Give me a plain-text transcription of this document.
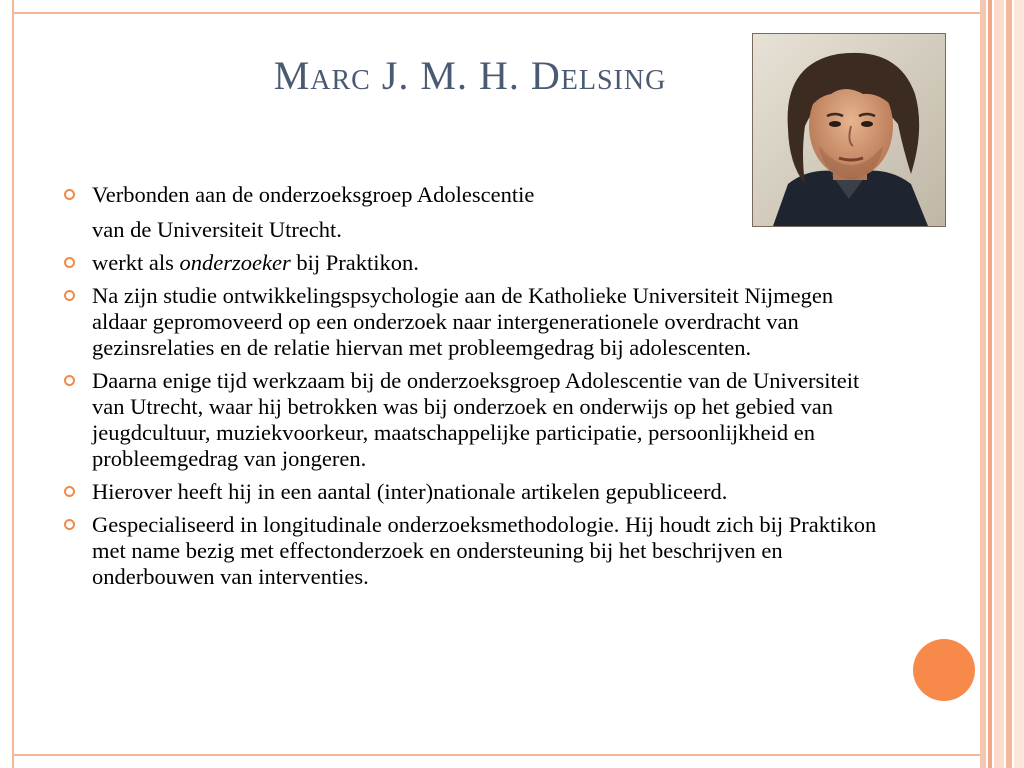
Marc J. M. H. Delsing
Verbonden aan de onderzoeksgroep Adolescentie
van de Universiteit Utrecht.
werkt als onderzoeker bij Praktikon.
Na zijn studie ontwikkelingspsychologie aan de Katholieke Universiteit Nijmegen aldaar gepromoveerd op een onderzoek naar intergenerationele overdracht van gezinsrelaties en de relatie hiervan met probleemgedrag bij adolescenten.
Daarna enige tijd werkzaam bij de onderzoeksgroep Adolescentie van de Universiteit van Utrecht, waar hij betrokken was bij onderzoek en onderwijs op het gebied van jeugdcultuur, muziekvoorkeur, maatschappelijke participatie, persoonlijkheid en probleemgedrag van jongeren.
Hierover heeft hij in een aantal (inter)nationale artikelen gepubliceerd.
Gespecialiseerd in longitudinale onderzoeksmethodologie. Hij houdt zich bij Praktikon met name bezig met effectonderzoek en ondersteuning bij het beschrijven en onderbouwen van interventies.
